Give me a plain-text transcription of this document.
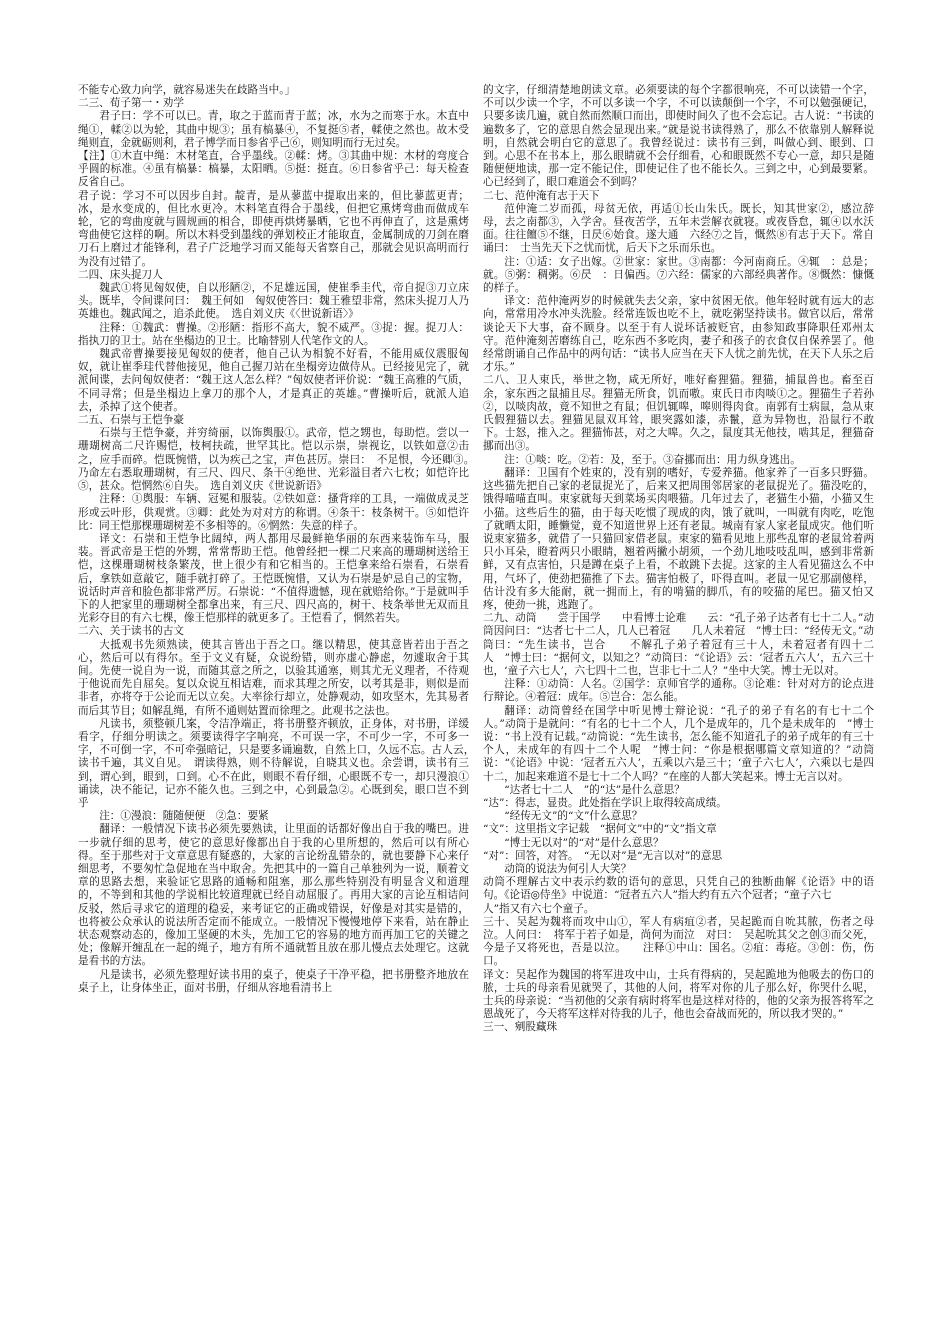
不能专心致力向学，就容易迷失在歧路当中。」

二三、荀子第一・劝学

君子曰：学不可以已。青，取之于蓝而青于蓝；冰，水为之而寒于水。木直中绳①，輮②以为轮，其曲中规③；虽有槁暴④，不复挺⑤者，輮使之然也。故木受绳则直，金就砺则利，君子博学而日参省乎己⑥，则知明而行无过矣。

【注】①木直中绳：木材笔直，合乎墨线。②輮：烤。③其曲中规：木材的弯度合乎圆的标准。④虽有槁暴：槁暴，太阳晒。⑤挺：挺直。⑥日参省乎己：每天检查反省自己。

君子说：学习不可以因步自封。靛青，是从蓼蓝中提取出来的，但比蓼蓝更青；冰，是水变成的，但比水更冷。木料笔直得合于墨线，但把它熏烤弯曲而做成车轮，它的弯曲度就与圆规画的相合，即使再烘烤暴晒，它也不再伸直了，这是熏烤弯曲使它这样的啊。所以木料受到墨线的弹划校正才能取直，金属制成的刀剑在磨刀石上磨过才能锋利，君子广泛地学习而又能每天省察自己，那就会见识高明而行为没有过错了。

二四、床头捉刀人

魏武①将见匈奴使，自以形陋②，不足雄远国，使崔季圭代，帝自捉③刀立床头。既毕，令间谍问曰：　魏王何如　匈奴使答曰：魏王雅望非常，然床头捉刀人乃英雄也。魏武闻之，追杀此使。　选自刘义庆《〈世说新语〉》

注释：①魏武：曹操。②形陋：指形不高大，貌不威严。③捉：握。捉刀人：指执刀的卫士。站在坐榻边的卫士。比喻替别人代笔作文的人。

魏武帝曹操要接见匈奴的使者，他自己认为相貌不好看，不能用威仪震服匈奴，就让崔季珪代替他接见，他自己握刀站在坐榻旁边做侍从。已经接见完了，就派间谍，去问匈奴使者：“魏王这人怎么样？”匈奴使者评价说：“魏王高雅的气质，不同寻常；但是坐榻边上拿刀的那个人，才是真正的英雄。”曹操听后，就派人追去，杀掉了这个使者。

二五、石崇与王恺争豪

石崇与王恺争豪，并穷绮丽，以饰舆服①。武帝，恺之甥也，每助恺。尝以一珊瑚树高二尺许赐恺，枝柯扶疏，世罕其比。恺以示崇，崇视讫，以铁如意②击之，应手而碎。恺既惋惜，以为疾己之宝，声色甚厉。崇曰：　不足恨，今还卿③。　乃命左右悉取珊瑚树，有三尺、四尺、条干④绝世、光彩溢目者六七枚；如恺许比⑤，甚众。恺惘然⑥自失。　选自刘义庆《世说新语》

注释：①舆服：车辆、冠冕和服装。②铁如意：搔背痒的工具，一端做成灵芝形或云叶形，供观赏。③卿：此处为对对方的称谓。④条干：枝条树干。⑤如恺许比：同王恺那棵珊瑚树差不多相等的。⑥惘然：失意的样子。

译文：石崇和王恺争比阔绰，两人都用尽最鲜艳华丽的东西来装饰车马，服装。晋武帝是王恺的外甥，常常帮助王恺。他曾经把一棵二尺来高的珊瑚树送给王恺，这棵珊瑚树枝条繁茂，世上很少有和它相当的。王恺拿来给石崇看，石崇看后，拿铁如意敲它，随手就打碎了。王恺既惋惜，又认为石崇是妒忌自己的宝物，说话时声音和脸色都非常严厉。石崇说：“不值得遗憾，现在就赔给你。”于是就叫手下的人把家里的珊瑚树全都拿出来，有三尺、四尺高的，树干、枝条举世无双而且光彩夺目的有六七棵，像王恺那样的就更多了。王恺看了，惘然若失。

二六、关于读书的古文

大抵观书先须熟读，使其言皆出于吾之口。继以精思，使其意皆若出于吾之心，然后可以有得尔。至于文义有疑，众说纷错，则亦虚心静虑，勿遽取舍于其间。先使一说自为一说，而随其意之所之，以验其通塞，则其尤无义理者，不待观于他说而先自屈矣。复以众说互相诘难，而求其理之所安，以考其是非，则似是而非者，亦将夺于公论而无以立矣。大率徐行却立，处静观动，如攻坚木，先其易者而后其节目；如解乱绳，有所不通则姑置而徐理之。此观书之法也。

凡读书，须整顿几案，令洁净端正，将书册整齐顿放，正身体，对书册，详缓看字，仔细分明读之。须要读得字字响亮，不可误一字，不可少一字，不可多一字，不可倒一字，不可牵强暗记，只是要多诵遍数，自然上口，久远不忘。古人云，　读书千遍，其义自见。　谓读得熟，则不待解说，自晓其义也。余尝谓，读书有三到，谓心到，眼到，口到。心不在此，则眼不看仔细，心眼既不专一，却只漫浪①诵读，决不能记，记亦不能久也。三到之中，心到最急②。心既到矣，眼口岂不到乎

注：①漫浪：随随便便　②急：要紧

翻译：一般情况下读书必须先要熟读，让里面的话都好像出自于我的嘴巴。进一步就仔细的思考，使它的意思好像都出自于我的心里所想的，然后可以有所心得。至于那些对于文章意思有疑惑的，大家的言论纷乱错杂的，就也要静下心来仔细思考，不要匆忙急促地在当中取舍。先把其中的一篇自己单独列为一说，顺着文章的思路去想，来验证它思路的通畅和阻塞，那么那些特别没有明显含义和道理的，不等到和其他的学说相比较道理就已经自动屈服了。再用大家的言论互相诘问反驳，然后寻求它的道理的稳妥，来考证它的正确或错误，好像是对其实是错的，也将被公众承认的说法所否定而不能成立。一般情况下慢慢地停下来看，站在静止状态观察动态的，像加工坚硬的木头，先加工它的容易的地方而再加工它的关键之处；像解开缠乱在一起的绳子，地方有所不通就暂且放在那儿慢点去处理它。这就是看书的方法。

凡是读书，必须先整理好读书用的桌子，使桌子干净平稳，把书册整齐地放在桌子上，让身体坐正，面对书册，仔细从容地看清书上

的文字，仔细清楚地朗读文章。必须要读的每个字都很响亮，不可以读错一个字，不可以少读一个字，不可以多读一个字，不可以读颠倒一个字，不可以勉强硬记，只要多读几遍，就自然而然顺口而出，即使时间久了也不会忘记。古人说：“书读的遍数多了，它的意思自然会显现出来。”就是说书读得熟了，那么不依靠别人解释说明，自然就会明白它的意思了。我曾经说过：读书有三到，叫做心到、眼到、口到。心思不在书本上，那么眼睛就不会仔细看，心和眼既然不专心一意，却只是随随便便地读，那一定不能记住，即使记住了也不能长久。三到之中，心到最要紧。心已经到了，眼口难道会不到吗？

二七、范仲淹有志于天下

范仲淹二岁而孤，母贫无依，再适①长山朱氏。既长，知其世家②，感泣辞母，去之南都③，入学舍。昼夜苦学，五年未尝解衣就寝。或夜昏怠，辄④以水沃面。往往饘⑤不继，日昃⑥始食。遂大通　六经⑦之旨，慨然⑧有志于天下。常自诵曰：　士当先天下之忧而忧，后天下之乐而乐也。

注：①适：女子出嫁。②世家：家世。③南都：今河南商丘。④辄　：总是；就。⑤粥：稠粥。⑥昃　：日偏西。⑦六经：儒家的六部经典著作。⑧慨然：慷慨的样子。

译文：范仲淹两岁的时候就失去父亲，家中贫困无依。他年轻时就有远大的志向，常常用冷水冲头洗脸。经常连饭也吃不上，就吃粥坚持读书。做官以后，常常谈论天下大事，奋不顾身。以至于有人说坏话被贬官，由参知政事降职任邓州太守。范仲淹刻苦磨练自己，吃东西不多吃肉，妻子和孩子的衣食仅自保养罢了。他经常朗诵自己作品中的两句话：“读书人应当在天下人忧之前先忧，在天下人乐之后才乐。”

二八、卫人束氏，举世之物，咸无所好，唯好畜狸猫。狸猫，捕鼠兽也。畜至百余，家东西之鼠捕且尽。狸猫无所食，饥而嗷。束氏日市肉啖①之。狸猫生子若孙②，以啖肉故，竟不知世之有鼠；但饥辄嗥，嗥则得肉食。南郭有士病鼠，急从束氏假狸猫以去。狸猫见鼠双耳耸，眼突露如漆，赤鬣，意为异物也，沿鼠行不敢下。士怒，推入之。狸猫怖甚，对之大嗥。久之，鼠度其无他技，啮其足，狸猫奋挪而出③。

注：①啖：吃。②若：及，至于。③奋挪而出：用力纵身逃出。

翻译：卫国有个姓束的，没有别的嗜好，专爱养猫。他家养了一百多只野猫。这些猫先把自己家的老鼠捉光了，后来又把周围邻居家的老鼠捉光了。猫没吃的，饿得喵喵直叫。束家就每天到菜场买肉喂猫。几年过去了，老猫生小猫，小猫又生小猫。这些后生的猫，由于每天吃惯了现成的肉，饿了就叫，一叫就有肉吃，吃饱了就晒太阳，睡懒觉，竟不知道世界上还有老鼠。城南有家人家老鼠成灾。他们听说束家猫多，就借了一只猫回家借老鼠。束家的猫看见地上那些乱窜的老鼠耸着两只小耳朵，瞪着两只小眼睛，翘着两撇小胡须，一个劲儿地吱吱乱叫，感到非常新鲜，又有点害怕，只是蹲在桌子上看，不敢跳下去捉。这家的主人看见猫这么不中用，气坏了，使劲把猫推了下去。猫害怕极了，吓得直叫。老鼠一见它那副傻样，估计没有多大能耐，就一拥而上，有的啃猫的脚爪，有的咬猫的尾巴。猫又怕又疼，使劲一挑，逃跑了。

二九、动筒　　尝于国学　　中看博士论难　　云：“孔子弟子达者有七十二人。”动筒因问曰：“达者七十二人，几人已着冠　　几人未着冠　”博士曰：“经传无文。”动筒曰：“先生读书，岂合　　不解孔子弟子着冠有三十人，未着冠者有四十二人　”博士曰：“据何文，以知之？”动筒曰：“《论语》云：‘冠者五六人’，五六三十也，‘童子六七人’，六七四十二也，岂非七十二人？”坐中大笑。博士无以对。

注释：①动筒：人名。②国学：京师官学的通称。③论难：针对对方的论点进行辩论。④着冠：成年。⑤岂合：怎么能。

翻译：动筒曾经在国学中听见博士辩论说：“孔子的弟子有名的有七十二个人。”动筒于是就问：“有名的七十二个人，几个是成年的，几个是未成年的　”博士说：“书上没有记载。”动筒说：“先生读书，怎么能不知道孔子的弟子成年的有三十个人，未成年的有四十二个人呢　”博士问：“你是根据哪篇文章知道的？”动筒说：“《论语》中说：‘冠者五六人’，五乘以六是三十；‘童子六七人’，六乘以七是四十二，加起来难道不是七十二个人吗？”在座的人都大笑起来。博士无言以对。

“达者七十二人　”的“达”是什么意思？

“达”：得志，显贵。此处指在学识上取得较高成绩。

“经传无文”的“文”什么意思？

“文”：这里指文字记载　“据何文”中的“文”指文章

“博士无以对”的“对”是什么意思？

“对”：回答，对答。　“无以对”是“无言以对”的意思

动筒的说法为何引人大笑？

动筒不理解古文中表示约数的语句的意思，只凭自己的独断曲解《论语》中的语句。《论语◎侍坐》中说道：“冠者五六人”指大约有五六个冠者；“童子六七

人”指又有六七个童子。

三十、吴起为魏将而攻中山①，军人有病疽②者，吴起跪而自吮其脓，伤者之母泣。人问曰：　将军于若子如是，尚何为而泣　对曰：　吴起吮其父之创③而父死，今是子又将死也，吾是以泣。　　注释①中山：国名。②疽：毒疮。③创：伤，伤口。

译文：吴起作为魏国的将军进攻中山，士兵有得病的，吴起跪地为他吸去的伤口的脓，士兵的母亲看见就哭了，其他的人问，将军对你的儿子那么好，你哭什么呢，士兵的母亲说：“当初他的父亲有病时将军也是这样对待的，他的父亲为报答将军之恩战死了，今天将军这样对待我的儿子，他也会奋战而死的，所以我才哭的。”

三一、剜股藏珠
